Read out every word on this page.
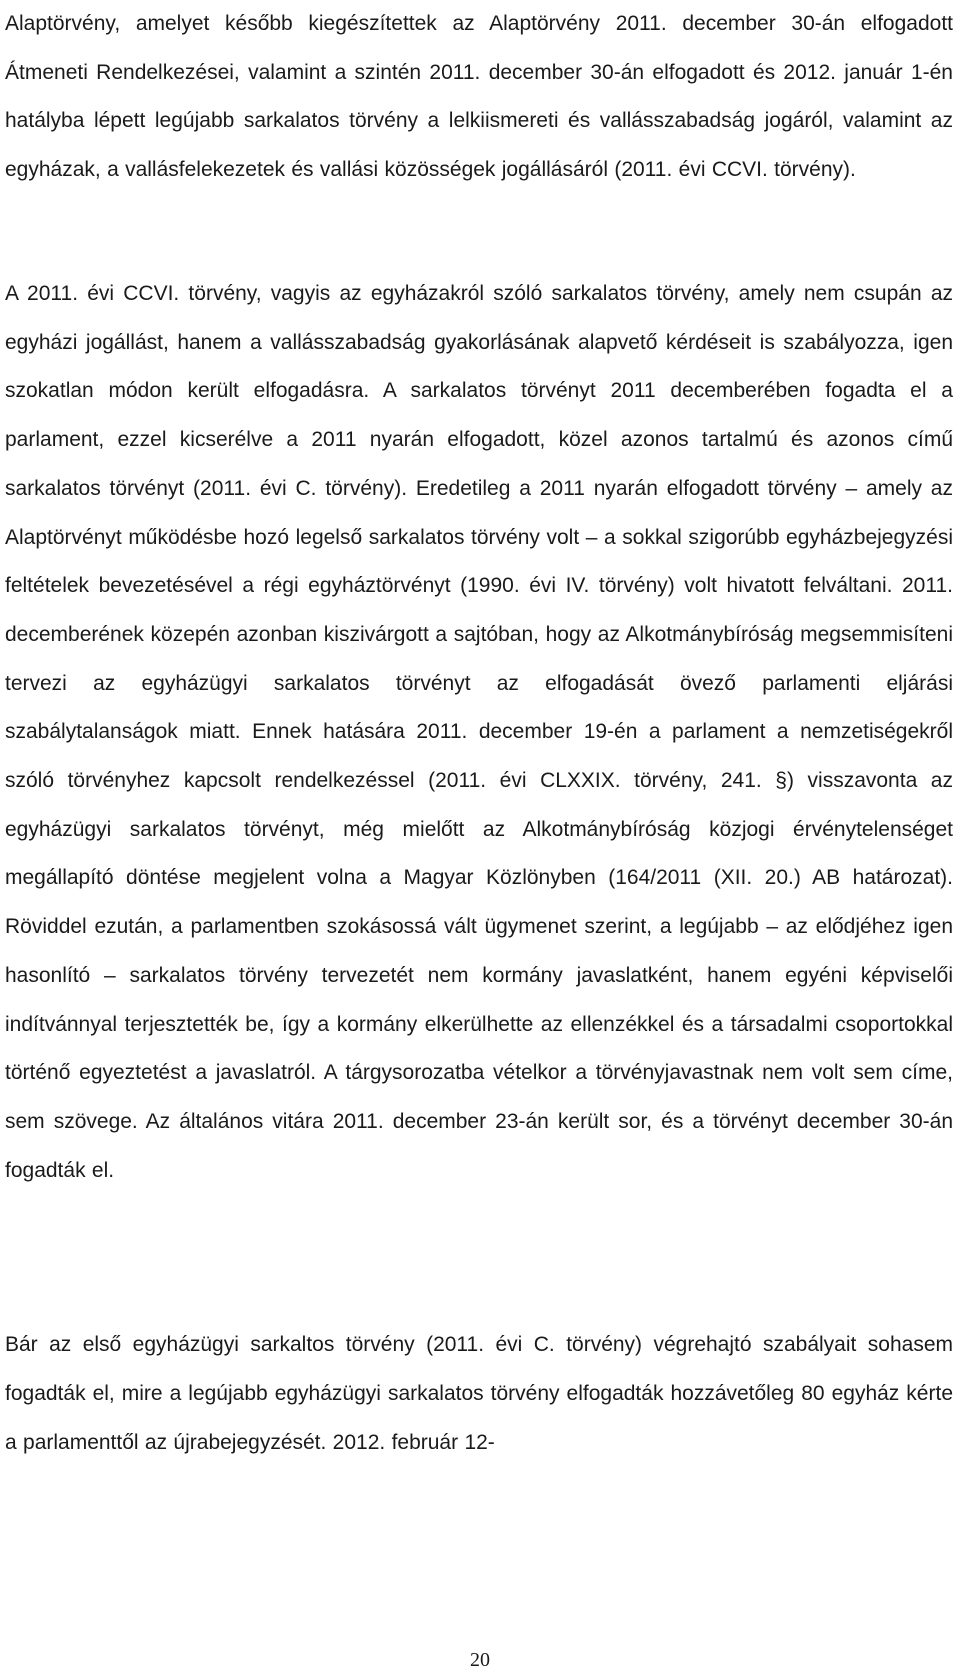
Alaptörvény, amelyet később kiegészítettek az Alaptörvény 2011. december 30-án elfogadott Átmeneti Rendelkezései, valamint a szintén 2011. december 30-án elfogadott és 2012. január 1-én hatályba lépett legújabb sarkalatos törvény a lelkiismereti és vallásszabadság jogáról, valamint az egyházak, a vallásfelekezetek és vallási közösségek jogállásáról (2011. évi CCVI. törvény).

A 2011. évi CCVI. törvény, vagyis az egyházakról szóló sarkalatos törvény, amely nem csupán az egyházi jogállást, hanem a vallásszabadság gyakorlásának alapvető kérdéseit is szabályozza, igen szokatlan módon került elfogadásra. A sarkalatos törvényt 2011 decemberében fogadta el a parlament, ezzel kicserélve a 2011 nyarán elfogadott, közel azonos tartalmú és azonos című sarkalatos törvényt (2011. évi C. törvény). Eredetileg a 2011 nyarán elfogadott törvény – amely az Alaptörvényt működésbe hozó legelső sarkalatos törvény volt – a sokkal szigorúbb egyházbejegyzési feltételek bevezetésével a régi egyháztörvényt (1990. évi IV. törvény) volt hivatott felváltani. 2011. decemberének közepén azonban kiszivárgott a sajtóban, hogy az Alkotmánybíróság megsemmisíteni tervezi az egyházügyi sarkalatos törvényt az elfogadását övező parlamenti eljárási szabálytalanságok miatt. Ennek hatására 2011. december 19-én a parlament a nemzetiségekről szóló törvényhez kapcsolt rendelkezéssel (2011. évi CLXXIX. törvény, 241. §) visszavonta az egyházügyi sarkalatos törvényt, még mielőtt az Alkotmánybíróság közjogi érvénytelenséget megállapító döntése megjelent volna a Magyar Közlönyben (164/2011 (XII. 20.) AB határozat). Röviddel ezután, a parlamentben szokásossá vált ügymenet szerint, a legújabb – az elődjéhez igen hasonlító – sarkalatos törvény tervezetét nem kormány javaslatként, hanem egyéni képviselői indítvánnyal terjesztették be, így a kormány elkerülhette az ellenzékkel és a társadalmi csoportokkal történő egyeztetést a javaslatról. A tárgysorozatba vételkor a törvényjavastnak nem volt sem címe, sem szövege. Az általános vitára 2011. december 23-án került sor, és a törvényt december 30-án fogadták el.

Bár az első egyházügyi sarkaltos törvény (2011. évi C. törvény) végrehajtó szabályait sohasem fogadták el, mire a legújabb egyházügyi sarkalatos törvény elfogadták hozzávetőleg 80 egyház kérte a parlamenttől az újrabejegyzését. 2012. február 12-

20
